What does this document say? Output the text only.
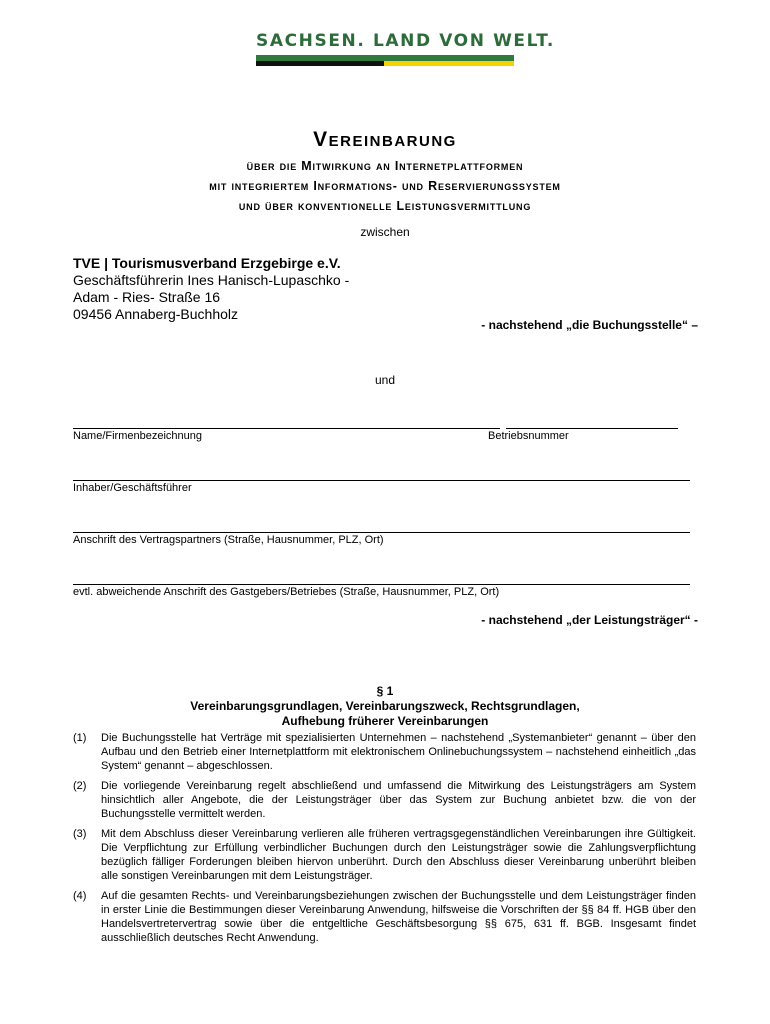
SACHSEN. LAND VON WELT.
Vereinbarung
über die Mitwirkung an Internetplattformen
mit integriertem Informations- und Reservierungssystem
und über konventionelle Leistungsvermittlung
zwischen
TVE | Tourismusverband Erzgebirge e.V.
Geschäftsführerin Ines Hanisch-Lupaschko -
Adam - Ries- Straße 16
09456 Annaberg-Buchholz
- nachstehend „die Buchungsstelle“ –
und
Name/Firmenbezeichnung	Betriebsnummer
Inhaber/Geschäftsführer
Anschrift des Vertragspartners (Straße, Hausnummer, PLZ, Ort)
evtl. abweichende Anschrift des Gastgebers/Betriebes (Straße, Hausnummer, PLZ, Ort)
- nachstehend „der Leistungsträger“ -
§ 1
Vereinbarungsgrundlagen, Vereinbarungszweck, Rechtsgrundlagen,
Aufhebung früherer Vereinbarungen
(1)	Die Buchungsstelle hat Verträge mit spezialisierten Unternehmen – nachstehend „Systemanbieter“ genannt – über den Aufbau und den Betrieb einer Internetplattform mit elektronischem Onlinebuchungssystem – nachstehend einheitlich „das System“ genannt – abgeschlossen.
(2)	Die vorliegende Vereinbarung regelt abschließend und umfassend die Mitwirkung des Leistungsträgers am System hinsichtlich aller Angebote, die der Leistungsträger über das System zur Buchung anbietet bzw. die von der Buchungsstelle vermittelt werden.
(3)	Mit dem Abschluss dieser Vereinbarung verlieren alle früheren vertragsgegenständlichen Vereinbarungen ihre Gültigkeit. Die Verpflichtung zur Erfüllung verbindlicher Buchungen durch den Leistungsträger sowie die Zahlungsverpflichtung bezüglich fälliger Forderungen bleiben hiervon unberührt. Durch den Abschluss dieser Vereinbarung unberührt bleiben alle sonstigen Vereinbarungen mit dem Leistungsträger.
(4)	Auf die gesamten Rechts- und Vereinbarungsbeziehungen zwischen der Buchungsstelle und dem Leistungsträger finden in erster Linie die Bestimmungen dieser Vereinbarung Anwendung, hilfsweise die Vorschriften der §§ 84 ff. HGB über den Handelsvertretervertrag sowie über die entgeltliche Geschäftsbesorgung §§ 675, 631 ff. BGB. Insgesamt findet ausschließlich deutsches Recht Anwendung.
